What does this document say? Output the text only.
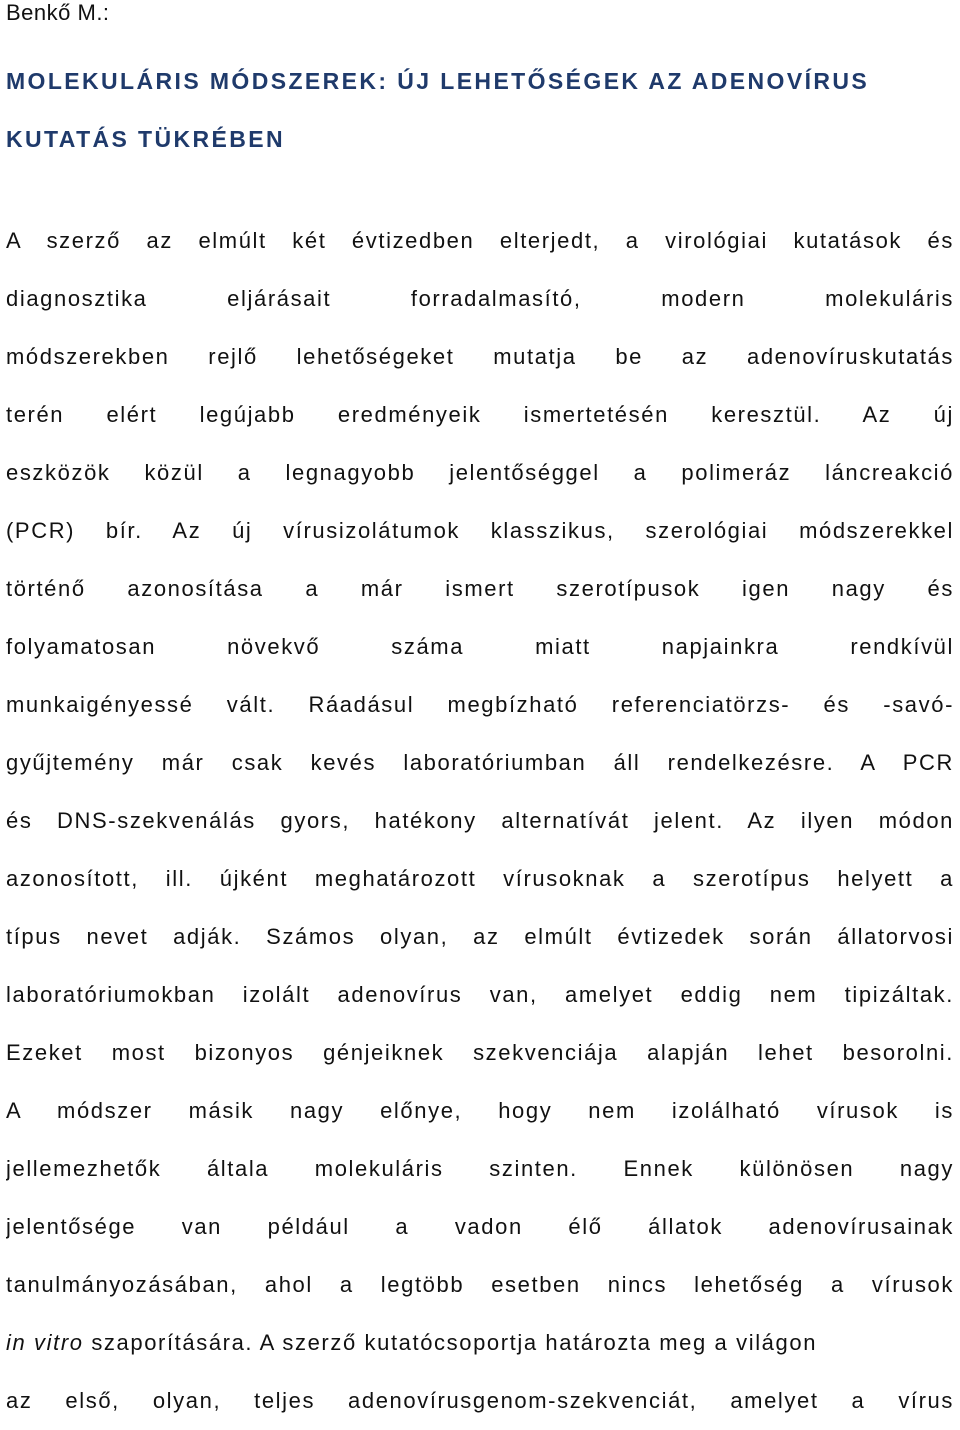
Benkő M.:

MOLEKULÁRIS MÓDSZEREK: ÚJ LEHETŐSÉGEK AZ ADENOVÍRUS
KUTATÁS TÜKRÉBEN
A szerző az elmúlt két évtizedben elterjedt, a virológiai kutatások és
diagnosztika eljárásait forradalmasító, modern molekuláris
módszerekben rejlő lehetőségeket mutatja be az adenovíruskutatás
terén elért legújabb eredményeik ismertetésén keresztül. Az új
eszközök közül a legnagyobb jelentőséggel a polimeráz láncreakció
(PCR) bír. Az új vírusizolátumok klasszikus, szerológiai módszerekkel
történő azonosítása a már ismert szerotípusok igen nagy és
folyamatosan növekvő száma miatt napjainkra rendkívül
munkaigényessé vált. Ráadásul megbízható referenciatörzs- és -savó-
gyűjtemény már csak kevés laboratóriumban áll rendelkezésre. A PCR
és DNS-szekvenálás gyors, hatékony alternatívát jelent. Az ilyen módon
azonosított, ill. újként meghatározott vírusoknak a szerotípus helyett a
típus nevet adják. Számos olyan, az elmúlt évtizedek során állatorvosi
laboratóriumokban izolált adenovírus van, amelyet eddig nem tipizáltak.
Ezeket most bizonyos génjeiknek szekvenciája alapján lehet besorolni.
A módszer másik nagy előnye, hogy nem izolálható vírusok is
jellemezhetők általa molekuláris szinten. Ennek különösen nagy
jelentősége van például a vadon élő állatok adenovírusainak
tanulmányozásában, ahol a legtöbb esetben nincs lehetőség a vírusok
in vitro szaporítására. A szerző kutatócsoportja határozta meg a világon
az első, olyan, teljes adenovírusgenom-szekvenciát, amelyet a vírus
